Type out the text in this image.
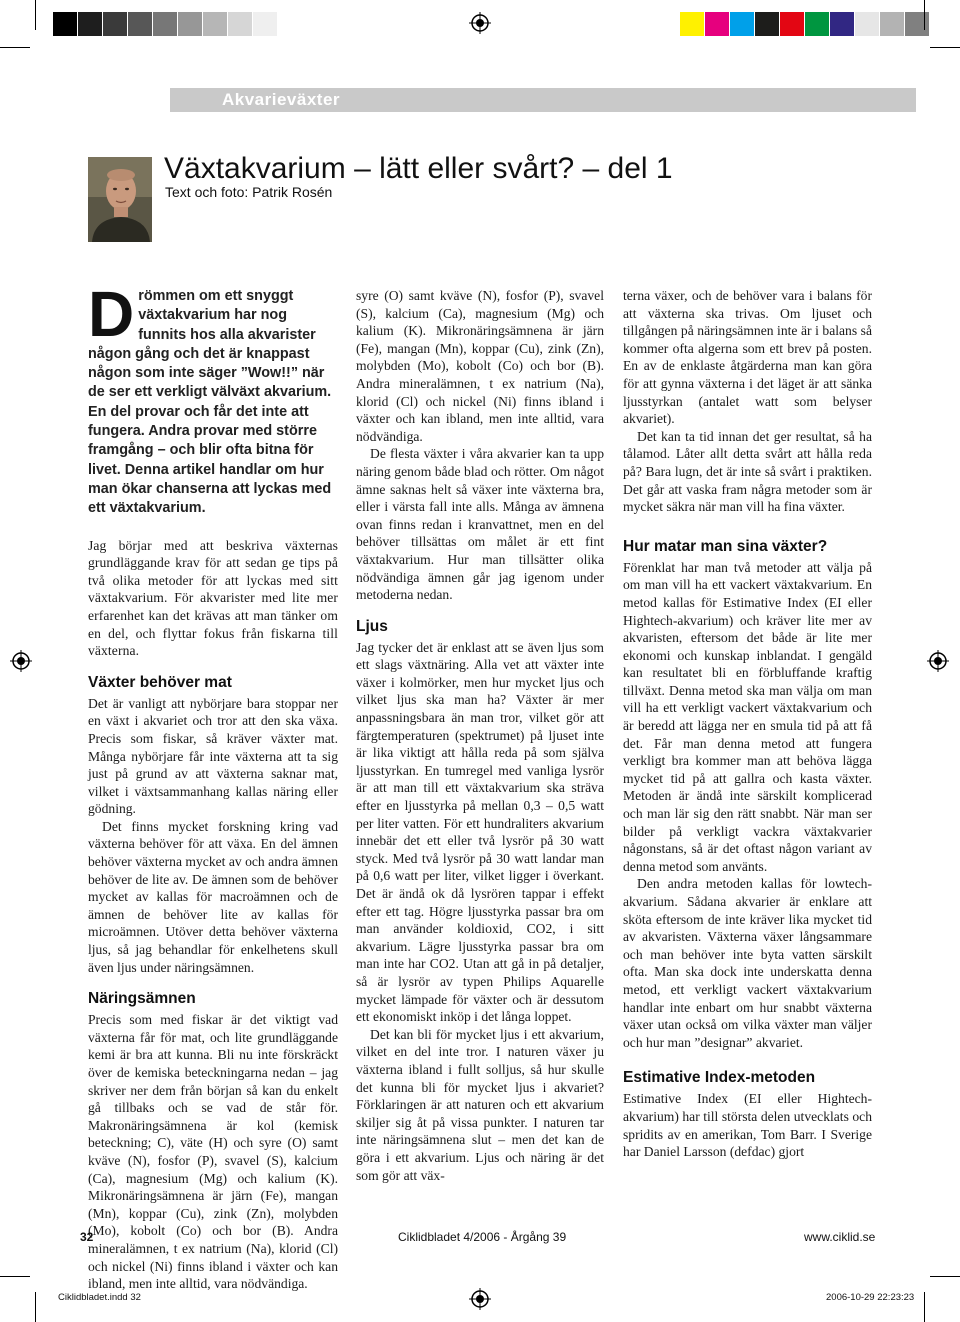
Akvarieväxter
Växtakvarium – lätt eller svårt? – del 1
Text och foto: Patrik Rosén

Drömmen om ett snyggt växtakvarium har nog funnits hos alla akvarister någon gång och det är knappast någon som inte säger ”Wow!!” när de ser ett verkligt välväxt akvarium. En del provar och får det inte att fungera. Andra provar med större framgång – och blir ofta bitna för livet. Denna artikel handlar om hur man ökar chanserna att lyckas med ett växtakvarium.

Jag börjar med att beskriva växternas grundläggande krav för att sedan ge tips på två olika metoder för att lyckas med sitt växtakvarium. För akvarister med lite mer erfarenhet kan det krävas att man tänker om en del, och flyttar fokus från fiskarna till växterna.

Växter behöver mat

Det är vanligt att nybörjare bara stoppar ner en växt i akvariet och tror att den ska växa. Precis som fiskar, så kräver växter mat. Många nybörjare får inte växterna att ta sig just på grund av att växterna saknar mat, vilket i växtsammanhang kallas näring eller gödning.

Det finns mycket forskning kring vad växterna behöver för att växa. En del ämnen behöver växterna mycket av och andra ämnen behöver de lite av. De ämnen som de behöver mycket av kallas för macroämnen och de ämnen de behöver lite av kallas för microämnen. Utöver detta behöver växterna ljus, så jag behandlar för enkelhetens skull även ljus under näringsämnen.

Näringsämnen

Precis som med fiskar är det viktigt vad växterna får för mat, och lite grundläggande kemi är bra att kunna. Bli nu inte förskräckt över de kemiska beteckningarna nedan – jag skriver ner dem från början så kan du enkelt gå tillbaks och se vad de står för. Makronäringsämnena är kol (kemisk beteckning; C), väte (H) och syre (O) samt kväve (N), fosfor (P), svavel (S), kalcium (Ca), magnesium (Mg) och kalium (K). Mikronäringsämnena är järn (Fe), mangan (Mn), koppar (Cu), zink (Zn), molybden (Mo), kobolt (Co) och bor (B). Andra mineralämnen, t ex natrium (Na), klorid (Cl) och nickel (Ni) finns ibland i växter och kan ibland, men inte alltid, vara nödvändiga.

syre (O) samt kväve (N), fosfor (P), svavel (S), kalcium (Ca), magnesium (Mg) och kalium (K). Mikronäringsämnena är järn (Fe), mangan (Mn), koppar (Cu), zink (Zn), molybden (Mo), kobolt (Co) och bor (B). Andra mineralämnen, t ex natrium (Na), klorid (Cl) och nickel (Ni) finns ibland i växter och kan ibland, men inte alltid, vara nödvändiga.

De flesta växter i våra akvarier kan ta upp näring genom både blad och rötter. Om något ämne saknas helt så växer inte växterna bra, eller i värsta fall inte alls. Många av ämnena ovan finns redan i kranvattnet, men en del behöver tillsättas om målet är ett fint växtakvarium. Hur man tillsätter olika nödvändiga ämnen går jag igenom under metoderna nedan.

Ljus

Jag tycker det är enklast att se även ljus som ett slags växtnäring. Alla vet att växter inte växer i kolmörker, men hur mycket ljus och vilket ljus ska man ha? Växter är mer anpassningsbara än man tror, vilket gör att färgtemperaturen (spektrumet) på ljuset inte är lika viktigt att hålla reda på som själva ljusstyrkan. En tumregel med vanliga lysrör är att man till ett växtakvarium ska sträva efter en ljusstyrka på mellan 0,3 – 0,5 watt per liter vatten. För ett hundraliters akvarium innebär det ett eller två lysrör på 30 watt styck. Med två lysrör på 30 watt landar man på 0,6 watt per liter, vilket ligger i överkant. Det är ändå ok då lysrören tappar i effekt efter ett tag. Högre ljusstyrka passar bra om man använder koldioxid, CO2, i sitt akvarium. Lägre ljusstyrka passar bra om man inte har CO2. Utan att gå in på detaljer, så är lysrör av typen Philips Aquarelle mycket lämpade för växter och är dessutom ett ekonomiskt inköp i det långa loppet.

Det kan bli för mycket ljus i ett akvarium, vilket en del inte tror. I naturen växer ju växterna ibland i fullt solljus, så hur skulle det kunna bli för mycket ljus i akvariet? Förklaringen är att naturen och ett akvarium skiljer sig åt på vissa punkter. I naturen tar inte näringsämnena slut – men det kan de göra i ett akvarium. Ljus och näring är det som gör att väx-

terna växer, och de behöver vara i balans för att växterna ska trivas. Om ljuset och tillgången på näringsämnen inte är i balans så kommer ofta algerna som ett brev på posten. En av de enklaste åtgärderna man kan göra för att gynna växterna i det läget är att sänka ljusstyrkan (antalet watt som belyser akvariet).

Det kan ta tid innan det ger resultat, så ha tålamod. Låter allt detta svårt att hålla reda på? Bara lugn, det är inte så svårt i praktiken. Det går att vaska fram några metoder som är mycket säkra när man vill ha fina växter.

Hur matar man sina växter?

Förenklat har man två metoder att välja på om man vill ha ett vackert växtakvarium. En metod kallas för Estimative Index (EI eller Hightech-akvarium) och kräver lite mer av akvaristen, eftersom det både är lite mer ekonomi och kunskap inblandat. I gengäld kan resultatet bli en förbluffande kraftig tillväxt. Denna metod ska man välja om man vill ha ett verkligt vackert växtakvarium och är beredd att lägga ner en smula tid på att få det. Får man denna metod att fungera verkligt bra kommer man att behöva lägga mycket tid på att gallra och kasta växter. Metoden är ändå inte särskilt komplicerad och man lär sig den rätt snabbt. När man ser bilder på verkligt vackra växtakvarier någonstans, så är det oftast någon variant av denna metod som använts.

Den andra metoden kallas för lowtech-akvarium. Sådana akvarier är enklare att sköta eftersom de inte kräver lika mycket tid av akvaristen. Växterna växer långsammare och man behöver inte byta vatten särskilt ofta. Man ska dock inte underskatta denna metod, ett verkligt vackert växtakvarium handlar inte enbart om hur snabbt växterna växer utan också om vilka växter man väljer och hur man ”designar” akvariet.

Estimative Index-metoden

Estimative Index (EI eller Hightech-akvarium) har till största delen utvecklats och spridits av en amerikan, Tom Barr. I Sverige har Daniel Larsson (defdac) gjort

32	Ciklidbladet 4/2006 - Årgång 39	www.ciklid.se
Ciklidbladet.indd 32	2006-10-29 22:23:23
